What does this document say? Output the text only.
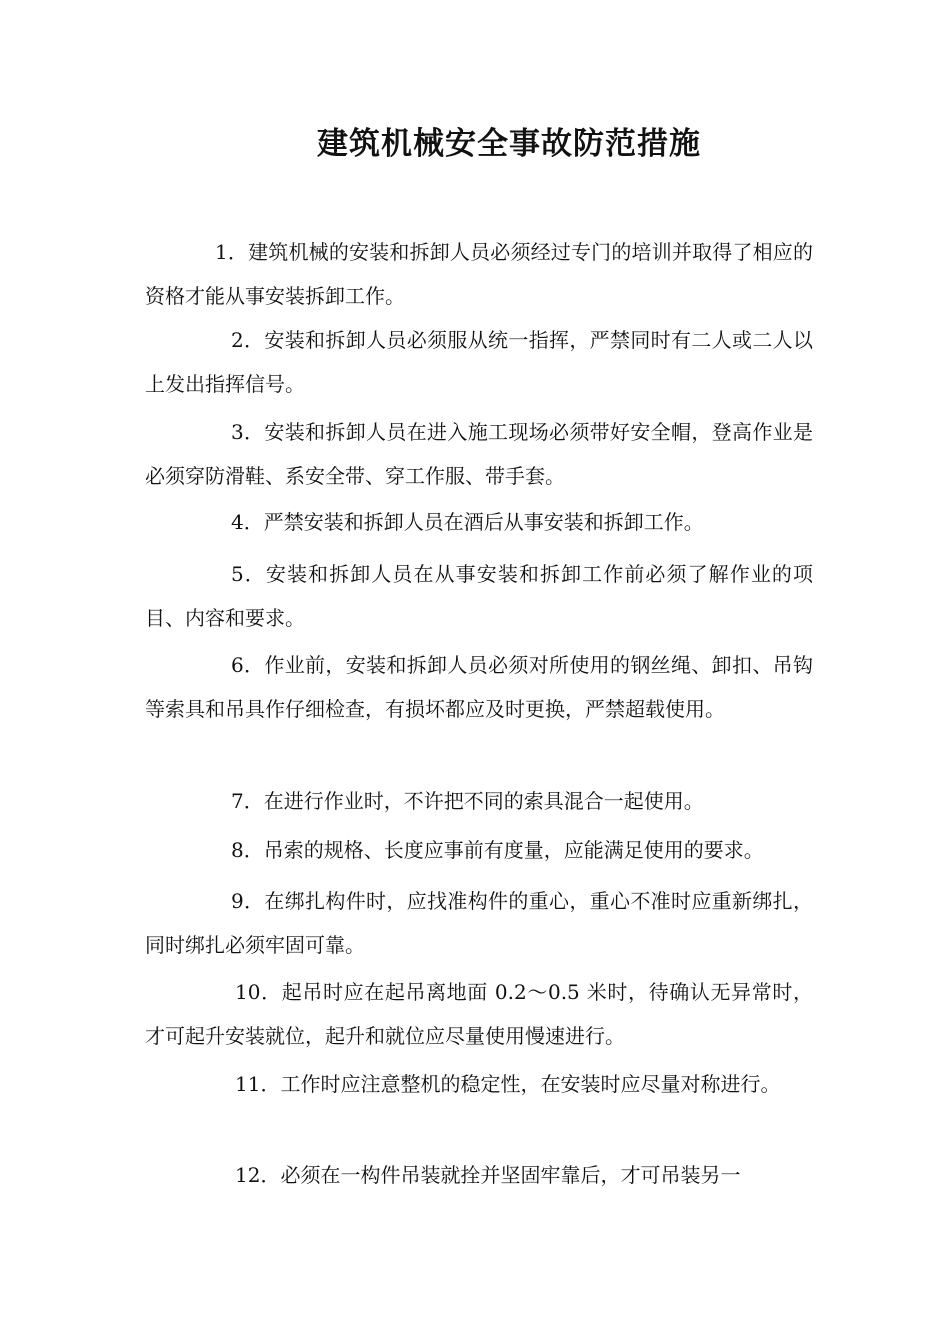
建筑机械安全事故防范措施

1．建筑机械的安装和拆卸人员必须经过专门的培训并取得了相应的资格才能从事安装拆卸工作。

2．安装和拆卸人员必须服从统一指挥，严禁同时有二人或二人以上发出指挥信号。

3．安装和拆卸人员在进入施工现场必须带好安全帽，登高作业是必须穿防滑鞋、系安全带、穿工作服、带手套。

4．严禁安装和拆卸人员在酒后从事安装和拆卸工作。

5．安装和拆卸人员在从事安装和拆卸工作前必须了解作业的项目、内容和要求。

6．作业前，安装和拆卸人员必须对所使用的钢丝绳、卸扣、吊钩等索具和吊具作仔细检查，有损坏都应及时更换，严禁超载使用。

7．在进行作业时，不许把不同的索具混合一起使用。

8．吊索的规格、长度应事前有度量，应能满足使用的要求。

9．在绑扎构件时，应找准构件的重心，重心不准时应重新绑扎，同时绑扎必须牢固可靠。

10．起吊时应在起吊离地面 0.2～0.5 米时，待确认无异常时，才可起升安装就位，起升和就位应尽量使用慢速进行。

11．工作时应注意整机的稳定性，在安装时应尽量对称进行。

12．必须在一构件吊装就拴并坚固牢靠后，才可吊装另一
